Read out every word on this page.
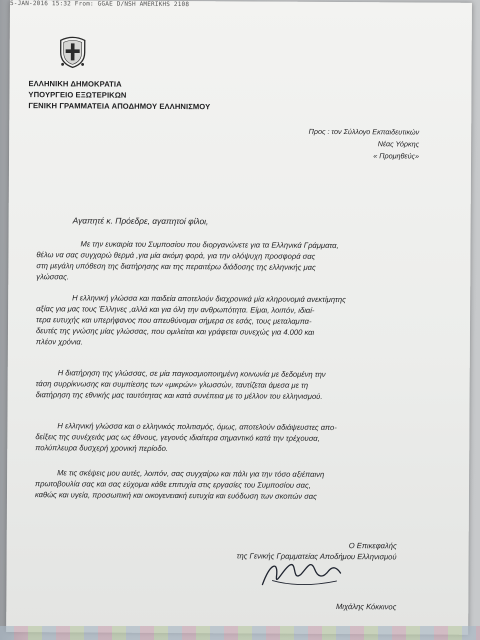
5-JAN-2016 15:32 From: GGAE D/NSH AMERIKHS 2108
ΕΛΛΗΝΙΚΗ ΔΗΜΟΚΡΑΤΙΑ
ΥΠΟΥΡΓΕΙΟ ΕΞΩΤΕΡΙΚΩΝ
ΓΕΝΙΚΗ ΓΡΑΜΜΑΤΕΙΑ ΑΠΟΔΗΜΟΥ ΕΛΛΗΝΙΣΜΟΥ
Προς : τον Σύλλογο Εκπαιδευτικών
Νέας Υόρκης
« Προμηθεύς»
Αγαπητέ κ. Πρόεδρε, αγαπητοί φίλοι,
Με την ευκαιρία του Συμποσίου που διοργανώνετε για τα Ελληνικά Γράμματα,
θέλω να σας συγχαρώ θερμά ,για μία ακόμη φορά, για την ολόψυχη προσφορά σας
στη μεγάλη υπόθεση της διατήρησης και της περαιτέρω διάδοσης της ελληνικής μας
γλώσσας.
Η ελληνική γλώσσα και παιδεία αποτελούν διαχρονικά μία κληρονομιά ανεκτίμητης
αξίας για μας τους Έλληνες ,αλλά και για όλη την ανθρωπότητα. Είμαι, λοιπόν, ιδιαί-
τερα ευτυχής και υπερήφανος που απευθύνομαι σήμερα σε εσάς, τους μεταλαμπα-
δευτές της γνώσης μίας γλώσσας, που ομιλείται και γράφεται συνεχώς για 4.000 και
πλέον χρόνια.
Η διατήρηση της γλώσσας, σε μία παγκοσμιοποιημένη κοινωνία με δεδομένη την
τάση συρρίκνωσης και συμπίεσης των «μικρών» γλωσσών, ταυτίζεται άμεσα με τη
διατήρηση της εθνικής μας ταυτότητας και κατά συνέπεια με το μέλλον του ελληνισμού.
Η ελληνική γλώσσα και ο ελληνικός πολιτισμός, όμως, αποτελούν αδιάψευστες απο-
δείξεις της συνέχειάς μας ως έθνους, γεγονός ιδιαίτερα σημαντικό κατά την τρέχουσα,
πολύπλευρα δυσχερή χρονική περίοδο.
Με τις σκέψεις μου αυτές, λοιπόν, σας συγχαίρω και πάλι για την τόσο αξιέπαινη
πρωτοβουλία σας και σας εύχομαι κάθε επιτυχία στις εργασίες του Συμποσίου σας,
καθώς και υγεία, προσωπική και οικογενειακή ευτυχία και ευόδωση των σκοπών σας
Ο Επικεφαλής
της Γενικής Γραμματείας Αποδήμου Ελληνισμού
Μιχάλης Κόκκινος
